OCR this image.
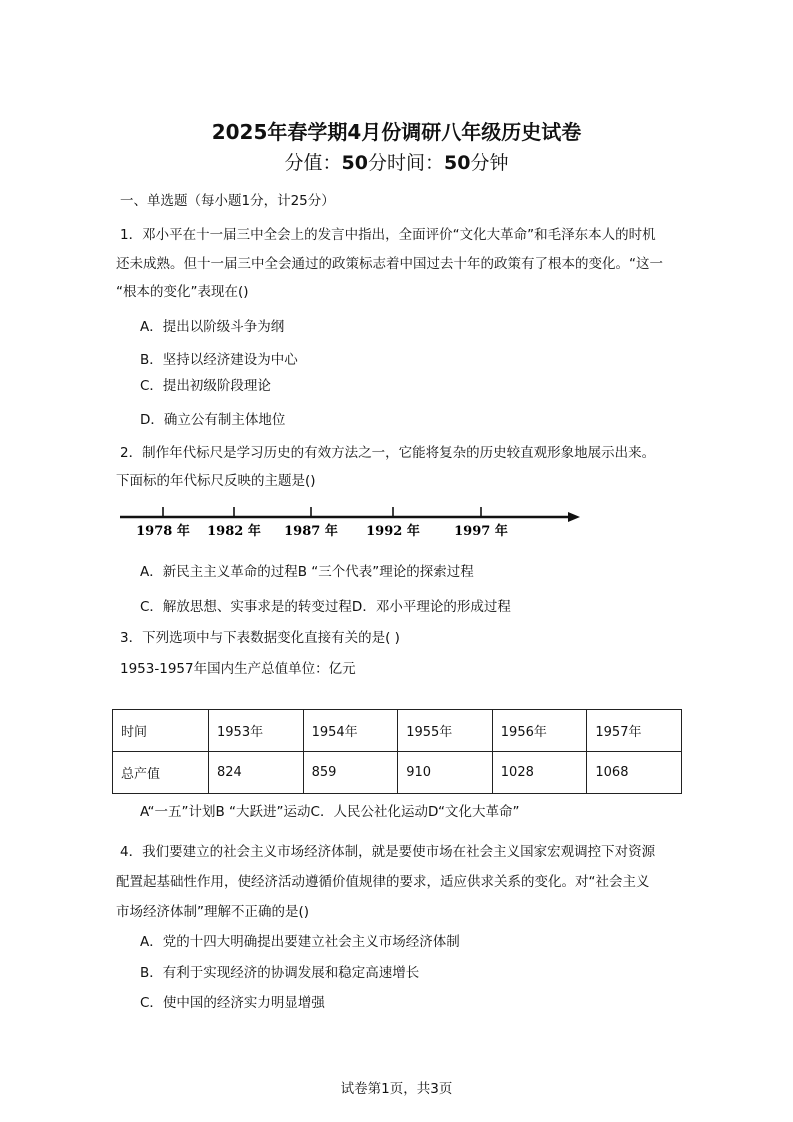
2025年春学期4月份调研八年级历史试卷
分值：50分时间：50分钟
一、单选题（每小题1分，计25分）
1．邓小平在十一届三中全会上的发言中指出，全面评价“文化大革命”和毛泽东本人的时机
还未成熟。但十一届三中全会通过的政策标志着中国过去十年的政策有了根本的变化。“这一
“根本的变化”表现在()
A．提出以阶级斗争为纲
B．坚持以经济建设为中心
C．提出初级阶段理论
D．确立公有制主体地位
2．制作年代标尺是学习历史的有效方法之一，它能将复杂的历史较直观形象地展示出来。
下面标的年代标尺反映的主题是()
1978 年 1982 年 1987 年 1992 年	1997 年
A．新民主主义革命的过程B “三个代表”理论的探索过程
C．解放思想、实事求是的转变过程D．邓小平理论的形成过程
3．下列选项中与下表数据变化直接有关的是( )
1953-1957年国内生产总值单位：亿元
时间	1953年	1954年	1955年	1956年	1957年
总产值	824	859	910	1028	1068
A“一五”计划B “大跃进”运动C．人民公社化运动D“文化大革命”
4．我们要建立的社会主义市场经济体制，就是要使市场在社会主义国家宏观调控下对资源
配置起基础性作用，使经济活动遵循价值规律的要求，适应供求关系的变化。对“社会主义
市场经济体制”理解不正确的是()
A．党的十四大明确提出要建立社会主义市场经济体制
B．有利于实现经济的协调发展和稳定高速增长
C．使中国的经济实力明显增强
试卷第1页，共3页
